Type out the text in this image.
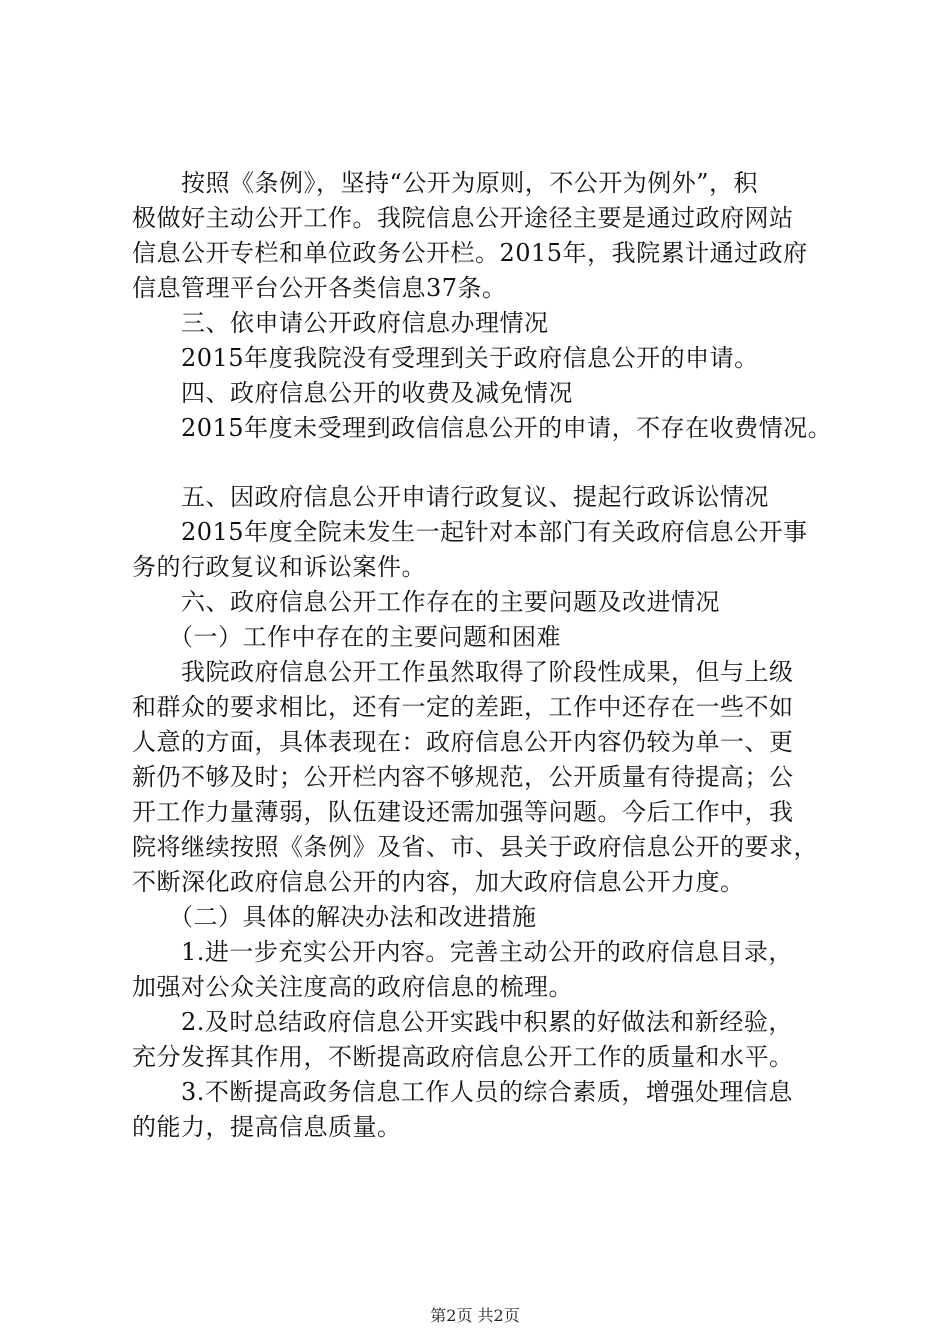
　　按照《条例》，坚持“公开为原则，不公开为例外”，积
极做好主动公开工作。我院信息公开途径主要是通过政府网站
信息公开专栏和单位政务公开栏。2015年，我院累计通过政府
信息管理平台公开各类信息37条。
　　三、依申请公开政府信息办理情况
　　2015年度我院没有受理到关于政府信息公开的申请。
　　四、政府信息公开的收费及减免情况
　　2015年度未受理到政信信息公开的申请，不存在收费情况。
　　五、因政府信息公开申请行政复议、提起行政诉讼情况
　　2015年度全院未发生一起针对本部门有关政府信息公开事
务的行政复议和诉讼案件。
　　六、政府信息公开工作存在的主要问题及改进情况
　　（一）工作中存在的主要问题和困难
　　我院政府信息公开工作虽然取得了阶段性成果，但与上级
和群众的要求相比，还有一定的差距，工作中还存在一些不如
人意的方面，具体表现在：政府信息公开内容仍较为单一、更
新仍不够及时；公开栏内容不够规范，公开质量有待提高；公
开工作力量薄弱，队伍建设还需加强等问题。今后工作中，我
院将继续按照《条例》及省、市、县关于政府信息公开的要求，
不断深化政府信息公开的内容，加大政府信息公开力度。
　　（二）具体的解决办法和改进措施
　　1.进一步充实公开内容。完善主动公开的政府信息目录，
加强对公众关注度高的政府信息的梳理。
　　2.及时总结政府信息公开实践中积累的好做法和新经验，
充分发挥其作用，不断提高政府信息公开工作的质量和水平。
　　3.不断提高政务信息工作人员的综合素质，增强处理信息
的能力，提高信息质量。
第2页 共2页
